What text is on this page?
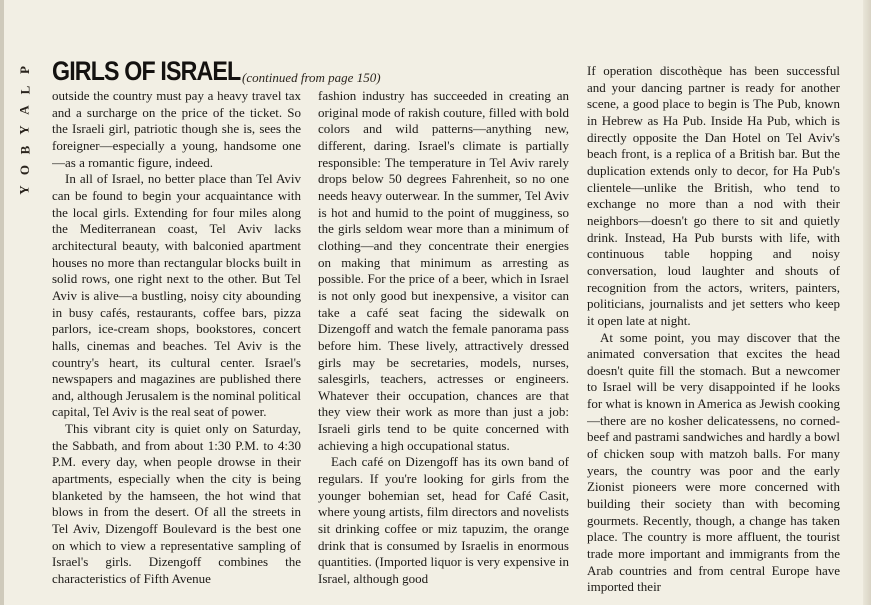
P
L
A
Y
B
O
Y
GIRLS OF ISRAEL (continued from page 150)

outside the country must pay a heavy travel tax and a surcharge on the price of the ticket. So the Israeli girl, patriotic though she is, sees the foreigner—especially a young, handsome one—as a romantic figure, indeed.

In all of Israel, no better place than Tel Aviv can be found to begin your acquaintance with the local girls. Extending for four miles along the Mediterranean coast, Tel Aviv lacks architectural beauty, with balconied apartment houses no more than rectangular blocks built in solid rows, one right next to the other. But Tel Aviv is alive—a bustling, noisy city abounding in busy cafés, restaurants, coffee bars, pizza parlors, ice-cream shops, bookstores, concert halls, cinemas and beaches. Tel Aviv is the country's heart, its cultural center. Israel's newspapers and magazines are published there and, although Jerusalem is the nominal political capital, Tel Aviv is the real seat of power.

This vibrant city is quiet only on Saturday, the Sabbath, and from about 1:30 P.M. to 4:30 P.M. every day, when people drowse in their apartments, especially when the city is being blanketed by the hamseen, the hot wind that blows in from the desert. Of all the streets in Tel Aviv, Dizengoff Boulevard is the best one on which to view a representative sampling of Israel's girls. Dizengoff combines the characteristics of Fifth Avenue

fashion industry has succeeded in creating an original mode of rakish couture, filled with bold colors and wild patterns—anything new, different, daring. Israel's climate is partially responsible: The temperature in Tel Aviv rarely drops below 50 degrees Fahrenheit, so no one needs heavy outerwear. In the summer, Tel Aviv is hot and humid to the point of mugginess, so the girls seldom wear more than a minimum of clothing—and they concentrate their energies on making that minimum as arresting as possible. For the price of a beer, which in Israel is not only good but inexpensive, a visitor can take a café seat facing the sidewalk on Dizengoff and watch the female panorama pass before him. These lively, attractively dressed girls may be secretaries, models, nurses, salesgirls, teachers, actresses or engineers. Whatever their occupation, chances are that they view their work as more than just a job: Israeli girls tend to be quite concerned with achieving a high occupational status.

Each café on Dizengoff has its own band of regulars. If you're looking for girls from the younger bohemian set, head for Café Casit, where young artists, film directors and novelists sit drinking coffee or miz tapuzim, the orange drink that is consumed by Israelis in enormous quantities. (Imported liquor is very expensive in Israel, although good

If operation discothèque has been successful and your dancing partner is ready for another scene, a good place to begin is The Pub, known in Hebrew as Ha Pub. Inside Ha Pub, which is directly opposite the Dan Hotel on Tel Aviv's beach front, is a replica of a British bar. But the duplication extends only to decor, for Ha Pub's clientele—unlike the British, who tend to exchange no more than a nod with their neighbors—doesn't go there to sit and quietly drink. Instead, Ha Pub bursts with life, with continuous table hopping and noisy conversation, loud laughter and shouts of recognition from the actors, writers, painters, politicians, journalists and jet setters who keep it open late at night.

At some point, you may discover that the animated conversation that excites the head doesn't quite fill the stomach. But a newcomer to Israel will be very disappointed if he looks for what is known in America as Jewish cooking—there are no kosher delicatessens, no corned-beef and pastrami sandwiches and hardly a bowl of chicken soup with matzoh balls. For many years, the country was poor and the early Zionist pioneers were more concerned with building their society than with becoming gourmets. Recently, though, a change has taken place. The country is more affluent, the tourist trade more important and immigrants from the Arab countries and from central Europe have imported their
